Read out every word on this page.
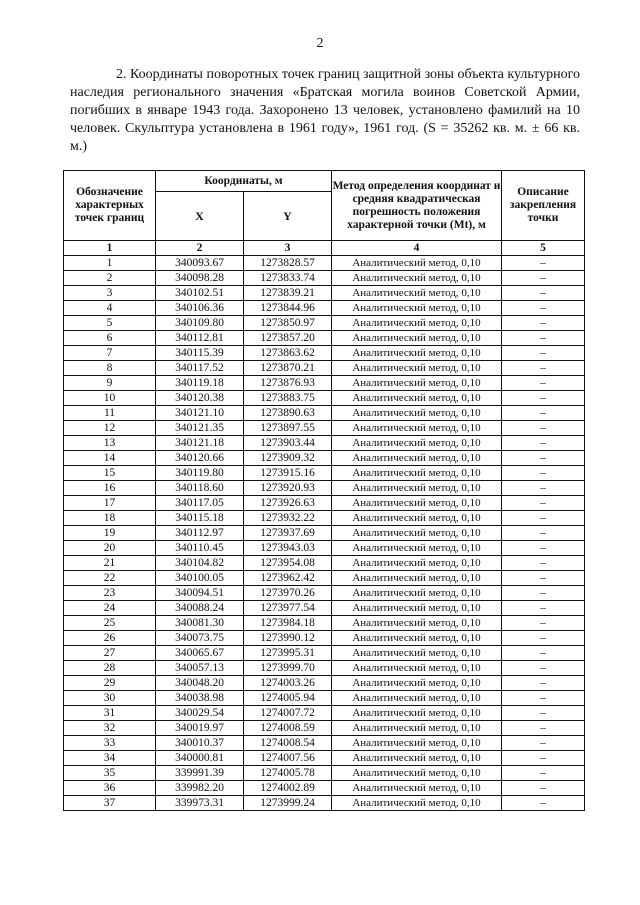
2
2. Координаты поворотных точек границ защитной зоны объекта культурного наследия регионального значения «Братская могила воинов Советской Армии, погибших в январе 1943 года. Захоронено 13 человек, установлено фамилий на 10 человек. Скульптура установлена в 1961 году», 1961 год. (S = 35262 кв. м. ± 66 кв. м.)
Обозначение характерных точек границ	Координаты, м		Метод определения координат и средняя квадратическая погрешность положения характерной точки (Mt), м	Описание закрепления точки
	X	Y		
1	2	3	4	5
1	340093.67	1273828.57	Аналитический метод, 0,10	–
2	340098.28	1273833.74	Аналитический метод, 0,10	–
3	340102.51	1273839.21	Аналитический метод, 0,10	–
4	340106.36	1273844.96	Аналитический метод, 0,10	–
5	340109.80	1273850.97	Аналитический метод, 0,10	–
6	340112.81	1273857.20	Аналитический метод, 0,10	–
7	340115.39	1273863.62	Аналитический метод, 0,10	–
8	340117.52	1273870.21	Аналитический метод, 0,10	–
9	340119.18	1273876.93	Аналитический метод, 0,10	–
10	340120.38	1273883.75	Аналитический метод, 0,10	–
11	340121.10	1273890.63	Аналитический метод, 0,10	–
12	340121.35	1273897.55	Аналитический метод, 0,10	–
13	340121.18	1273903.44	Аналитический метод, 0,10	–
14	340120.66	1273909.32	Аналитический метод, 0,10	–
15	340119.80	1273915.16	Аналитический метод, 0,10	–
16	340118.60	1273920.93	Аналитический метод, 0,10	–
17	340117.05	1273926.63	Аналитический метод, 0,10	–
18	340115.18	1273932.22	Аналитический метод, 0,10	–
19	340112.97	1273937.69	Аналитический метод, 0,10	–
20	340110.45	1273943.03	Аналитический метод, 0,10	–
21	340104.82	1273954.08	Аналитический метод, 0,10	–
22	340100.05	1273962.42	Аналитический метод, 0,10	–
23	340094.51	1273970.26	Аналитический метод, 0,10	–
24	340088.24	1273977.54	Аналитический метод, 0,10	–
25	340081.30	1273984.18	Аналитический метод, 0,10	–
26	340073.75	1273990.12	Аналитический метод, 0,10	–
27	340065.67	1273995.31	Аналитический метод, 0,10	–
28	340057.13	1273999.70	Аналитический метод, 0,10	–
29	340048.20	1274003.26	Аналитический метод, 0,10	–
30	340038.98	1274005.94	Аналитический метод, 0,10	–
31	340029.54	1274007.72	Аналитический метод, 0,10	–
32	340019.97	1274008.59	Аналитический метод, 0,10	–
33	340010.37	1274008.54	Аналитический метод, 0,10	–
34	340000.81	1274007.56	Аналитический метод, 0,10	–
35	339991.39	1274005.78	Аналитический метод, 0,10	–
36	339982.20	1274002.89	Аналитический метод, 0,10	–
37	339973.31	1273999.24	Аналитический метод, 0,10	–
